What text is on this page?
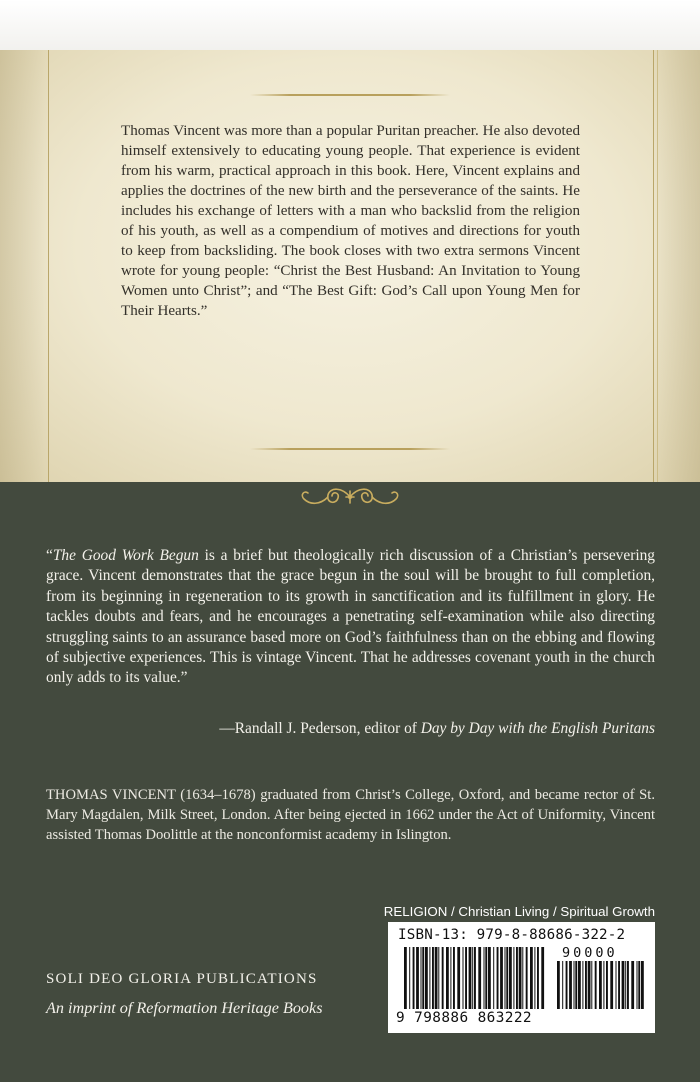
Thomas Vincent was more than a popular Puritan preacher. He also devoted himself extensively to educating young people. That experience is evident from his warm, practical approach in this book. Here, Vincent explains and applies the doctrines of the new birth and the perseverance of the saints. He includes his exchange of letters with a man who backslid from the religion of his youth, as well as a compendium of motives and directions for youth to keep from backsliding. The book closes with two extra sermons Vincent wrote for young people: “Christ the Best Husband: An Invitation to Young Women unto Christ”; and “The Best Gift: God’s Call upon Young Men for Their Hearts.”

“The Good Work Begun is a brief but theologically rich discussion of a Christian’s persevering grace. Vincent demonstrates that the grace begun in the soul will be brought to full completion, from its beginning in regeneration to its growth in sanctification and its fulfillment in glory. He tackles doubts and fears, and he encourages a penetrating self-examination while also directing struggling saints to an assurance based more on God’s faithfulness than on the ebbing and flowing of subjective experiences. This is vintage Vincent. That he addresses covenant youth in the church only adds to its value.”

—Randall J. Pederson, editor of Day by Day with the English Puritans

THOMAS VINCENT (1634–1678) graduated from Christ’s College, Oxford, and became rector of St. Mary Magdalen, Milk Street, London. After being ejected in 1662 under the Act of Uniformity, Vincent assisted Thomas Doolittle at the nonconformist academy in Islington.

RELIGION / Christian Living / Spiritual Growth

ISBN-13: 979-8-88686-322-2

90000

9 798886 863222

SOLI DEO GLORIA PUBLICATIONS

An imprint of Reformation Heritage Books
